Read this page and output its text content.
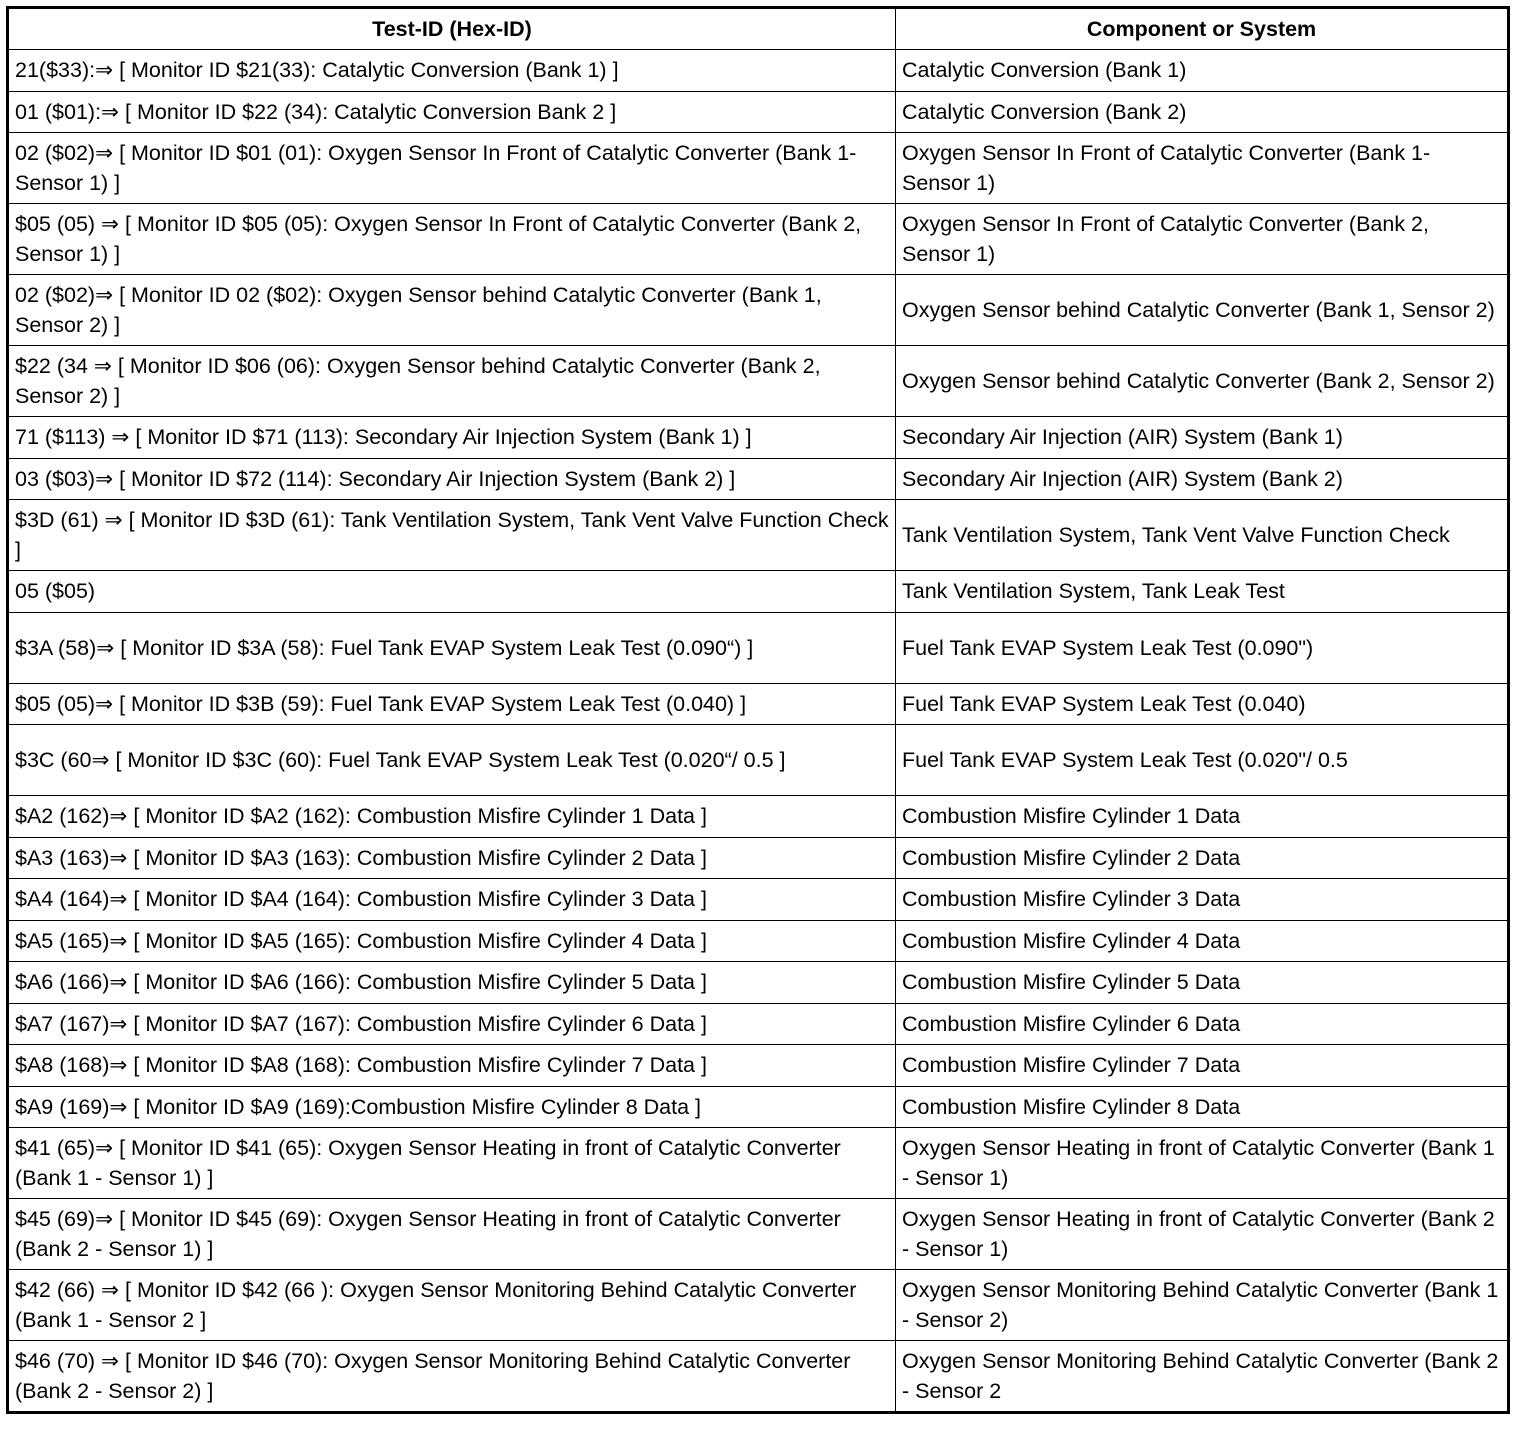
Test-ID (Hex-ID)	Component or System
21($33):⇒ [ Monitor ID $21(33): Catalytic Conversion (Bank 1) ]	Catalytic Conversion (Bank 1)
01 ($01):⇒ [ Monitor ID $22 (34): Catalytic Conversion Bank 2 ]	Catalytic Conversion (Bank 2)
02 ($02)⇒ [ Monitor ID $01 (01): Oxygen Sensor In Front of Catalytic Converter (Bank 1- Sensor 1) ]	Oxygen Sensor In Front of Catalytic Converter (Bank 1- Sensor 1)
$05 (05) ⇒ [ Monitor ID $05 (05): Oxygen Sensor In Front of Catalytic Converter (Bank 2, Sensor 1) ]	Oxygen Sensor In Front of Catalytic Converter (Bank 2, Sensor 1)
02 ($02)⇒ [ Monitor ID 02 ($02): Oxygen Sensor behind Catalytic Converter (Bank 1, Sensor 2) ]	Oxygen Sensor behind Catalytic Converter (Bank 1, Sensor 2)
$22 (34 ⇒ [ Monitor ID $06 (06): Oxygen Sensor behind Catalytic Converter (Bank 2, Sensor 2) ]	Oxygen Sensor behind Catalytic Converter (Bank 2, Sensor 2)
71 ($113) ⇒ [ Monitor ID $71 (113): Secondary Air Injection System (Bank 1) ]	Secondary Air Injection (AIR) System (Bank 1)
03 ($03)⇒ [ Monitor ID $72 (114): Secondary Air Injection System (Bank 2) ]	Secondary Air Injection (AIR) System (Bank 2)
$3D (61) ⇒ [ Monitor ID $3D (61): Tank Ventilation System, Tank Vent Valve Function Check ]	Tank Ventilation System, Tank Vent Valve Function Check
05 ($05)	Tank Ventilation System, Tank Leak Test
$3A (58)⇒ [ Monitor ID $3A (58): Fuel Tank EVAP System Leak Test (0.090“) ]	Fuel Tank EVAP System Leak Test (0.090")
$05 (05)⇒ [ Monitor ID $3B (59): Fuel Tank EVAP System Leak Test (0.040) ]	Fuel Tank EVAP System Leak Test (0.040)
$3C (60⇒ [ Monitor ID $3C (60): Fuel Tank EVAP System Leak Test (0.020“/ 0.5 ]	Fuel Tank EVAP System Leak Test (0.020"/ 0.5
$A2 (162)⇒ [ Monitor ID $A2 (162): Combustion Misfire Cylinder 1 Data ]	Combustion Misfire Cylinder 1 Data
$A3 (163)⇒ [ Monitor ID $A3 (163): Combustion Misfire Cylinder 2 Data ]	Combustion Misfire Cylinder 2 Data
$A4 (164)⇒ [ Monitor ID $A4 (164): Combustion Misfire Cylinder 3 Data ]	Combustion Misfire Cylinder 3 Data
$A5 (165)⇒ [ Monitor ID $A5 (165): Combustion Misfire Cylinder 4 Data ]	Combustion Misfire Cylinder 4 Data
$A6 (166)⇒ [ Monitor ID $A6 (166): Combustion Misfire Cylinder 5 Data ]	Combustion Misfire Cylinder 5 Data
$A7 (167)⇒ [ Monitor ID $A7 (167): Combustion Misfire Cylinder 6 Data ]	Combustion Misfire Cylinder 6 Data
$A8 (168)⇒ [ Monitor ID $A8 (168): Combustion Misfire Cylinder 7 Data ]	Combustion Misfire Cylinder 7 Data
$A9 (169)⇒ [ Monitor ID $A9 (169):Combustion Misfire Cylinder 8 Data ]	Combustion Misfire Cylinder 8 Data
$41 (65)⇒ [ Monitor ID $41 (65): Oxygen Sensor Heating in front of Catalytic Converter (Bank 1 - Sensor 1) ]	Oxygen Sensor Heating in front of Catalytic Converter (Bank 1 - Sensor 1)
$45 (69)⇒ [ Monitor ID $45 (69): Oxygen Sensor Heating in front of Catalytic Converter (Bank 2 - Sensor 1) ]	Oxygen Sensor Heating in front of Catalytic Converter (Bank 2 - Sensor 1)
$42 (66) ⇒ [ Monitor ID $42 (66 ): Oxygen Sensor Monitoring Behind Catalytic Converter (Bank 1 - Sensor 2 ]	Oxygen Sensor Monitoring Behind Catalytic Converter (Bank 1 - Sensor 2)
$46 (70) ⇒ [ Monitor ID $46 (70): Oxygen Sensor Monitoring Behind Catalytic Converter (Bank 2 - Sensor 2) ]	Oxygen Sensor Monitoring Behind Catalytic Converter (Bank 2 - Sensor 2
